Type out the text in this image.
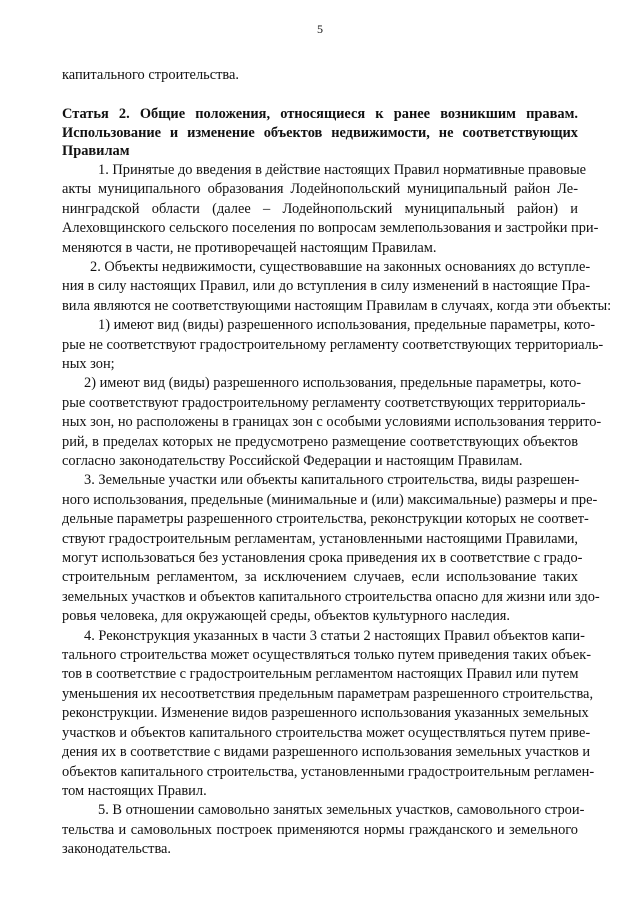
5
капитального строительства.
Статья 2. Общие положения, относящиеся к ранее возникшим правам.
Использование и изменение объектов недвижимости, не соответствующих
Правилам
1. Принятые до введения в действие настоящих Правил нормативные правовые
акты муниципального образования Лодейнопольский муниципальный район Ле-
нинградской области (далее – Лодейнопольский муниципальный район) и
Алеховщинского сельского поселения по вопросам землепользования и застройки при-
меняются в части, не противоречащей настоящим Правилам.
2. Объекты недвижимости, существовавшие на законных основаниях до вступле-
ния в силу настоящих Правил, или до вступления в силу изменений в настоящие Пра-
вила являются не соответствующими настоящим Правилам в случаях, когда эти объекты:
1) имеют вид (виды) разрешенного использования, предельные параметры, кото-
рые не соответствуют градостроительному регламенту соответствующих территориаль-
ных зон;
2) имеют вид (виды) разрешенного использования, предельные параметры, кото-
рые соответствуют градостроительному регламенту соответствующих территориаль-
ных зон, но расположены в границах зон с особыми условиями использования террито-
рий, в пределах которых не предусмотрено размещение соответствующих объектов
согласно законодательству Российской Федерации и настоящим Правилам.
3. Земельные участки или объекты капитального строительства, виды разрешен-
ного использования, предельные (минимальные и (или) максимальные) размеры и пре-
дельные параметры разрешенного строительства, реконструкции которых не соответ-
ствуют градостроительным регламентам, установленными настоящими Правилами,
могут использоваться без установления срока приведения их в соответствие с градо-
строительным регламентом, за исключением случаев, если использование таких
земельных участков и объектов капитального строительства опасно для жизни или здо-
ровья человека, для окружающей среды, объектов культурного наследия.
4. Реконструкция указанных в части 3 статьи 2 настоящих Правил объектов капи-
тального строительства может осуществляться только путем приведения таких объек-
тов в соответствие с градостроительным регламентом настоящих Правил или путем
уменьшения их несоответствия предельным параметрам разрешенного строительства,
реконструкции. Изменение видов разрешенного использования указанных земельных
участков и объектов капитального строительства может осуществляться путем приве-
дения их в соответствие с видами разрешенного использования земельных участков и
объектов капитального строительства, установленными градостроительным регламен-
том настоящих Правил.
5. В отношении самовольно занятых земельных участков, самовольного строи-
тельства и самовольных построек применяются нормы гражданского и земельного
законодательства.
